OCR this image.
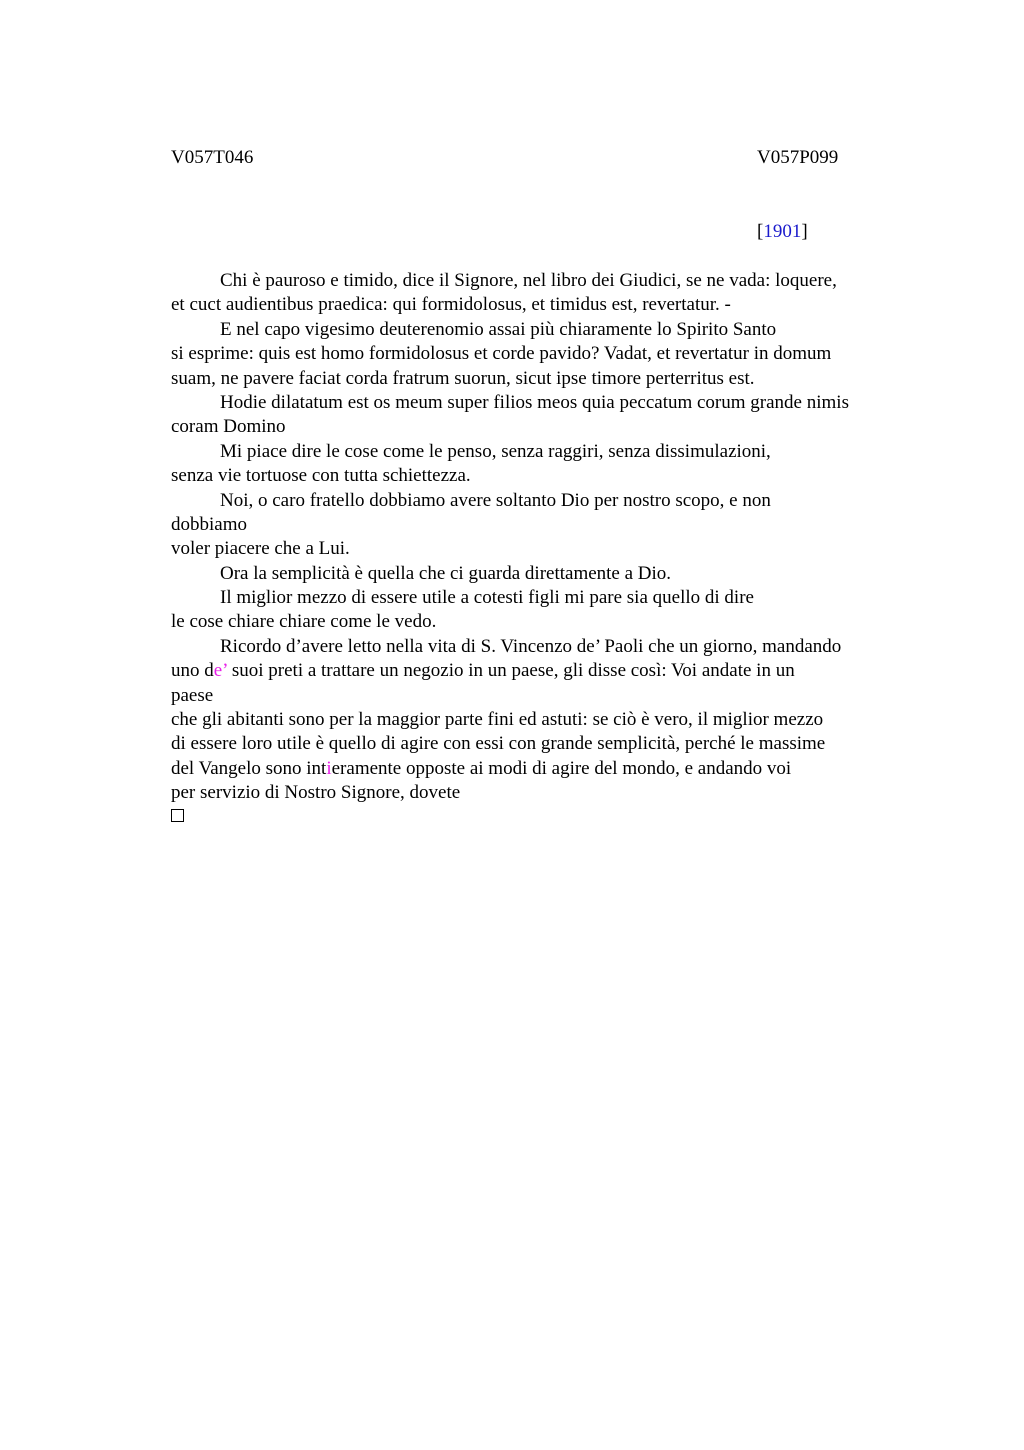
V057T046	V057P099
[1901]
Chi è pauroso e timido, dice il Signore, nel libro dei Giudici, se ne vada: loquere,
et cuct audientibus praedica: qui formidolosus, et timidus est, revertatur. -
E nel capo vigesimo deuterenomio assai più chiaramente lo Spirito Santo
si esprime: quis est homo formidolosus et corde pavido? Vadat, et revertatur in domum
suam, ne pavere faciat corda fratrum suorun, sicut ipse timore perterritus est.
Hodie dilatatum est os meum super filios meos quia peccatum corum grande nimis
coram Domino
Mi piace dire le cose come le penso, senza raggiri, senza dissimulazioni,
senza vie tortuose con tutta schiettezza.
Noi, o caro fratello dobbiamo avere soltanto Dio per nostro scopo, e non
dobbiamo
voler piacere che a Lui.
Ora la semplicità è quella che ci guarda direttamente a Dio.
Il miglior mezzo di essere utile a cotesti figli mi pare sia quello di dire
le cose chiare chiare come le vedo.
Ricordo d’avere letto nella vita di S. Vincenzo de’ Paoli che un giorno, mandando
uno de’ suoi preti a trattare un negozio in un paese, gli disse così: Voi andate in un
paese
che gli abitanti sono per la maggior parte fini ed astuti: se ciò è vero, il miglior mezzo
di essere loro utile è quello di agire con essi con grande semplicità, perché le massime
del Vangelo sono intieramente opposte ai modi di agire del mondo, e andando voi
per servizio di Nostro Signore, dovete
